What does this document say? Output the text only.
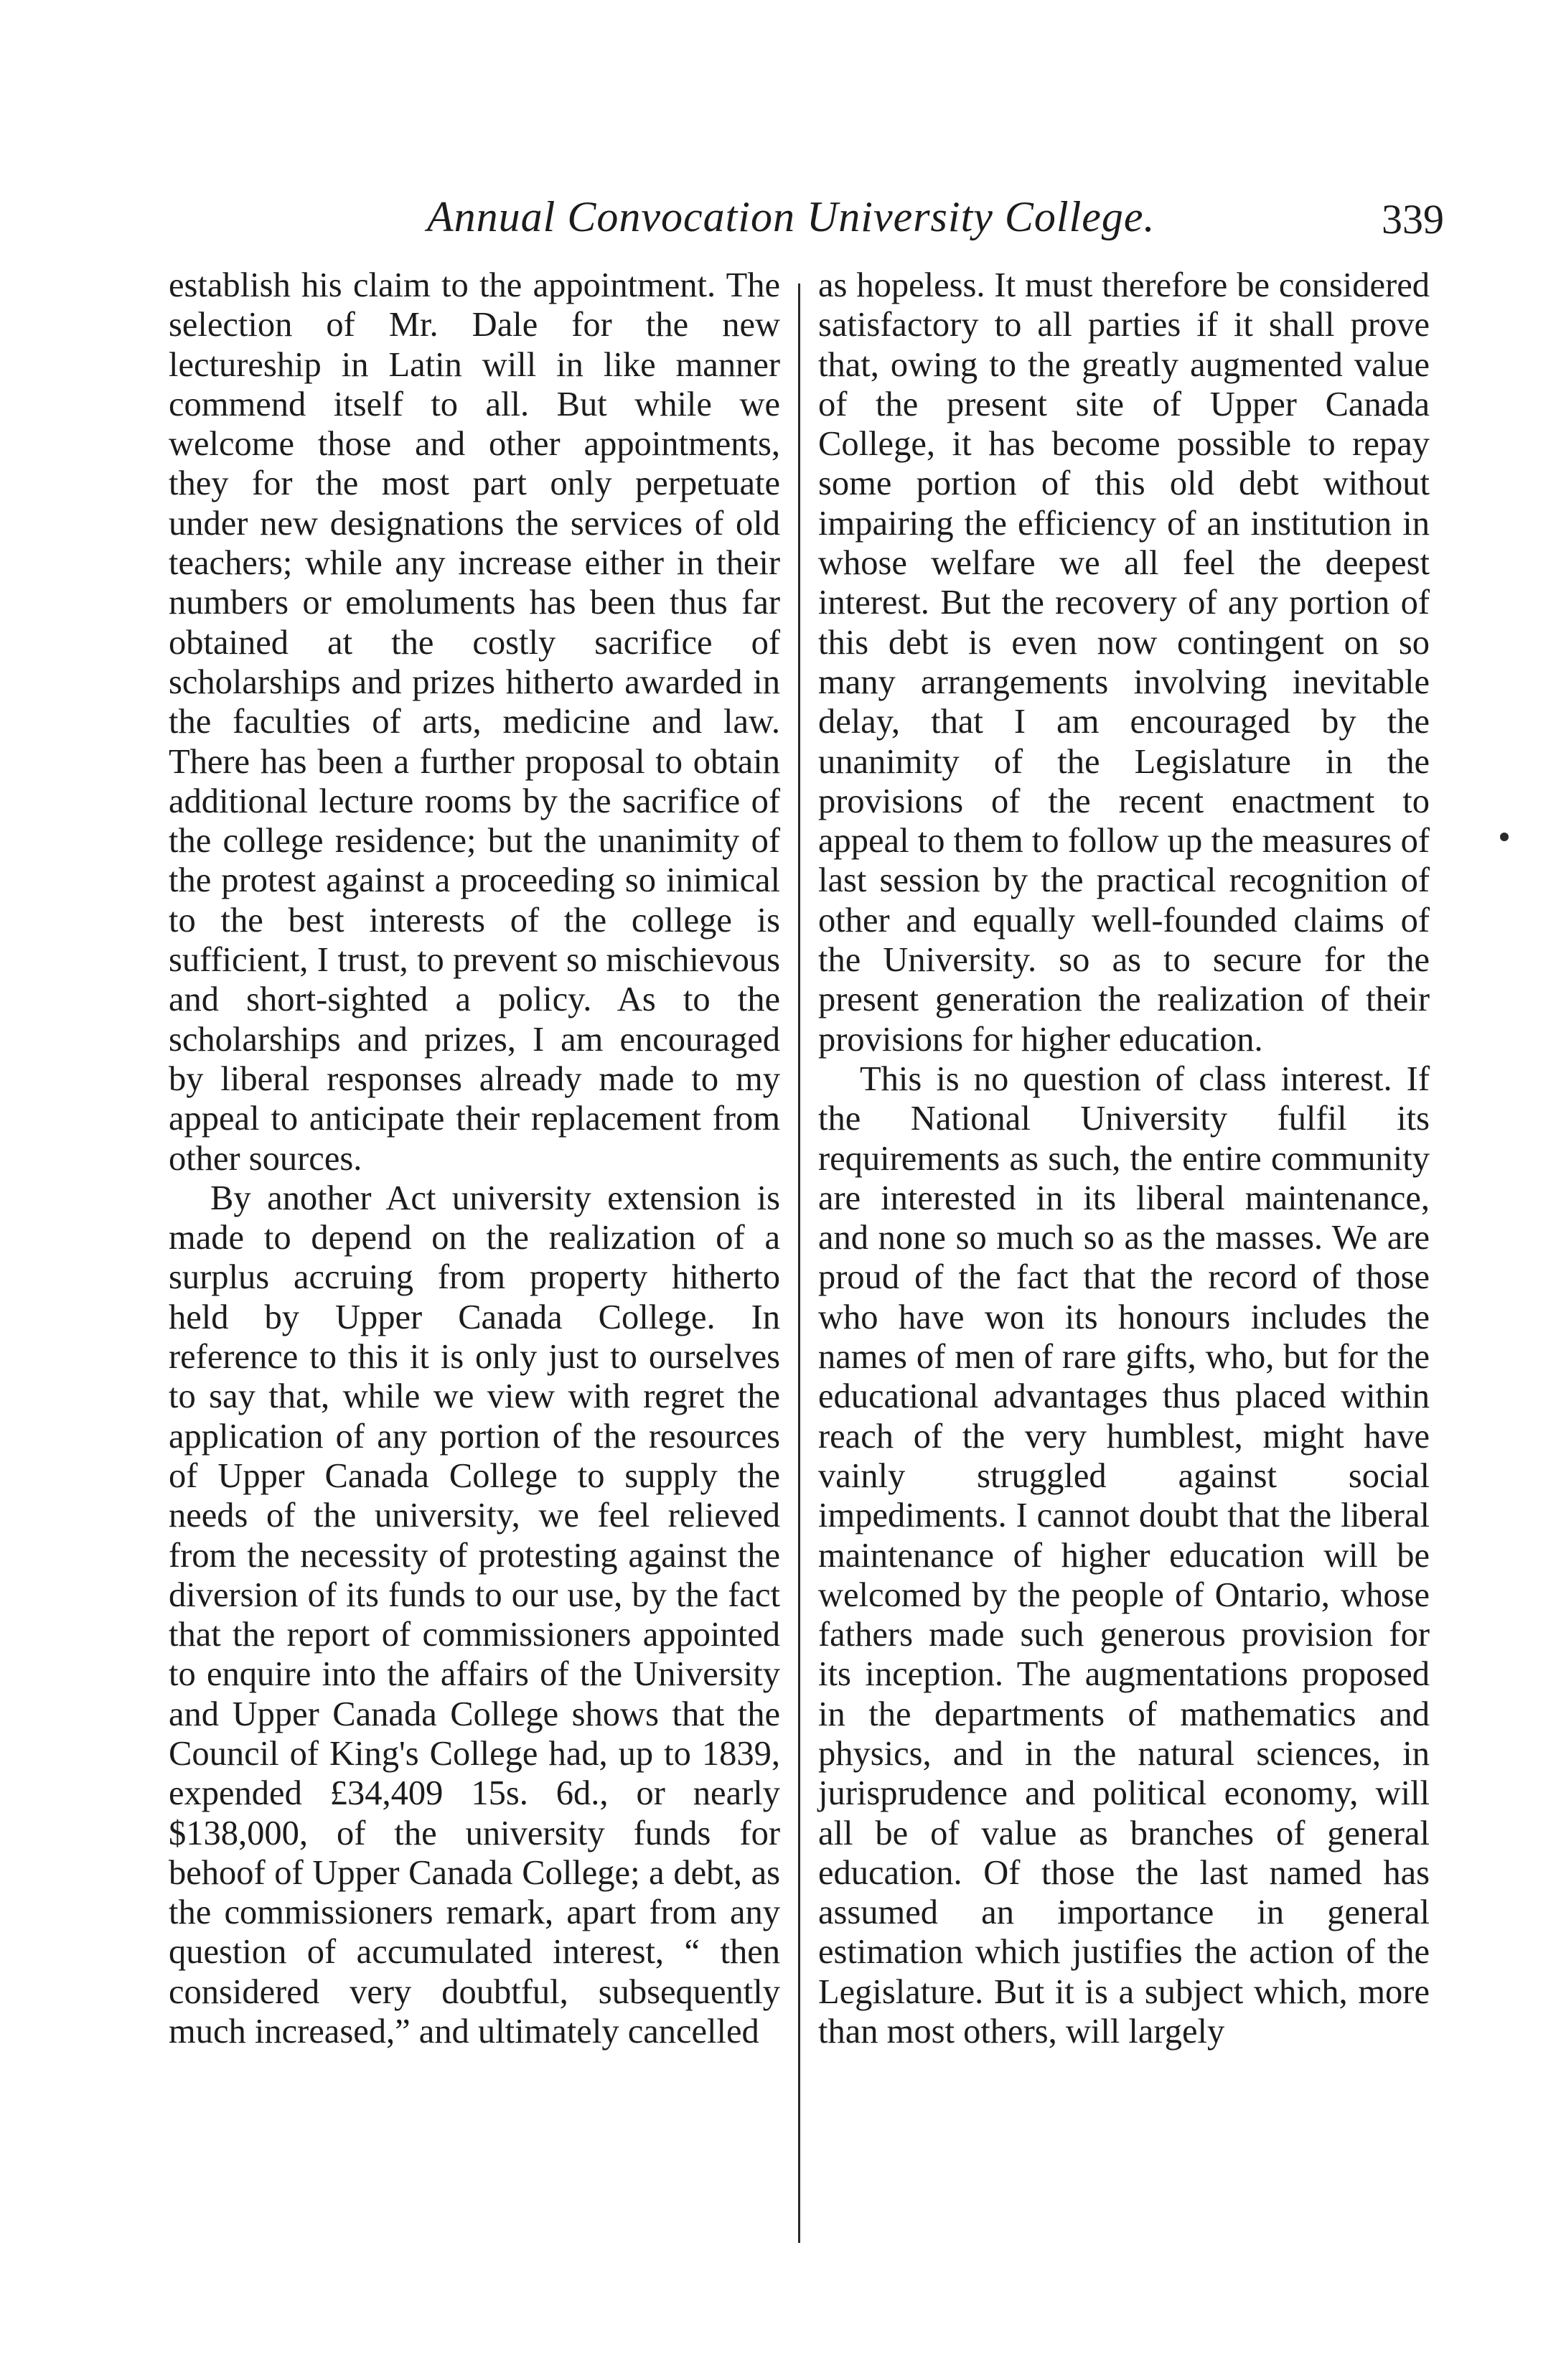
Annual Convocation University College.	339

establish his claim to the appointment. The selection of Mr. Dale for the new lectureship in Latin will in like manner commend itself to all. But while we welcome those and other appointments, they for the most part only perpetuate under new designations the services of old teachers; while any increase either in their numbers or emoluments has been thus far obtained at the costly sacrifice of scholarships and prizes hitherto awarded in the faculties of arts, medicine and law. There has been a further proposal to obtain additional lecture rooms by the sacrifice of the college residence; but the unanimity of the protest against a proceeding so inimical to the best interests of the college is sufficient, I trust, to prevent so mischievous and short-sighted a policy. As to the scholarships and prizes, I am encouraged by liberal responses already made to my appeal to anticipate their replacement from other sources.

By another Act university extension is made to depend on the realization of a surplus accruing from property hitherto held by Upper Canada College. In reference to this it is only just to ourselves to say that, while we view with regret the application of any portion of the resources of Upper Canada College to supply the needs of the university, we feel relieved from the necessity of protesting against the diversion of its funds to our use, by the fact that the report of commissioners appointed to enquire into the affairs of the University and Upper Canada College shows that the Council of King's College had, up to 1839, expended £34,409 15s. 6d., or nearly $138,000, of the university funds for behoof of Upper Canada College; a debt, as the commissioners remark, apart from any question of accumulated interest, “ then considered very doubtful, subsequently much increased,” and ultimately cancelled

as hopeless. It must therefore be considered satisfactory to all parties if it shall prove that, owing to the greatly augmented value of the present site of Upper Canada College, it has become possible to repay some portion of this old debt without impairing the efficiency of an institution in whose welfare we all feel the deepest interest. But the recovery of any portion of this debt is even now contingent on so many arrangements involving inevitable delay, that I am encouraged by the unanimity of the Legislature in the provisions of the recent enactment to appeal to them to follow up the measures of last session by the practical recognition of other and equally well-founded claims of the University. so as to secure for the present generation the realization of their provisions for higher education.

This is no question of class interest. If the National University fulfil its requirements as such, the entire community are interested in its liberal maintenance, and none so much so as the masses. We are proud of the fact that the record of those who have won its honours includes the names of men of rare gifts, who, but for the educational advantages thus placed within reach of the very humblest, might have vainly struggled against social impediments. I cannot doubt that the liberal maintenance of higher education will be welcomed by the people of Ontario, whose fathers made such generous provision for its inception. The augmentations proposed in the departments of mathematics and physics, and in the natural sciences, in jurisprudence and political economy, will all be of value as branches of general education. Of those the last named has assumed an importance in general estimation which justifies the action of the Legislature. But it is a subject which, more than most others, will largely
